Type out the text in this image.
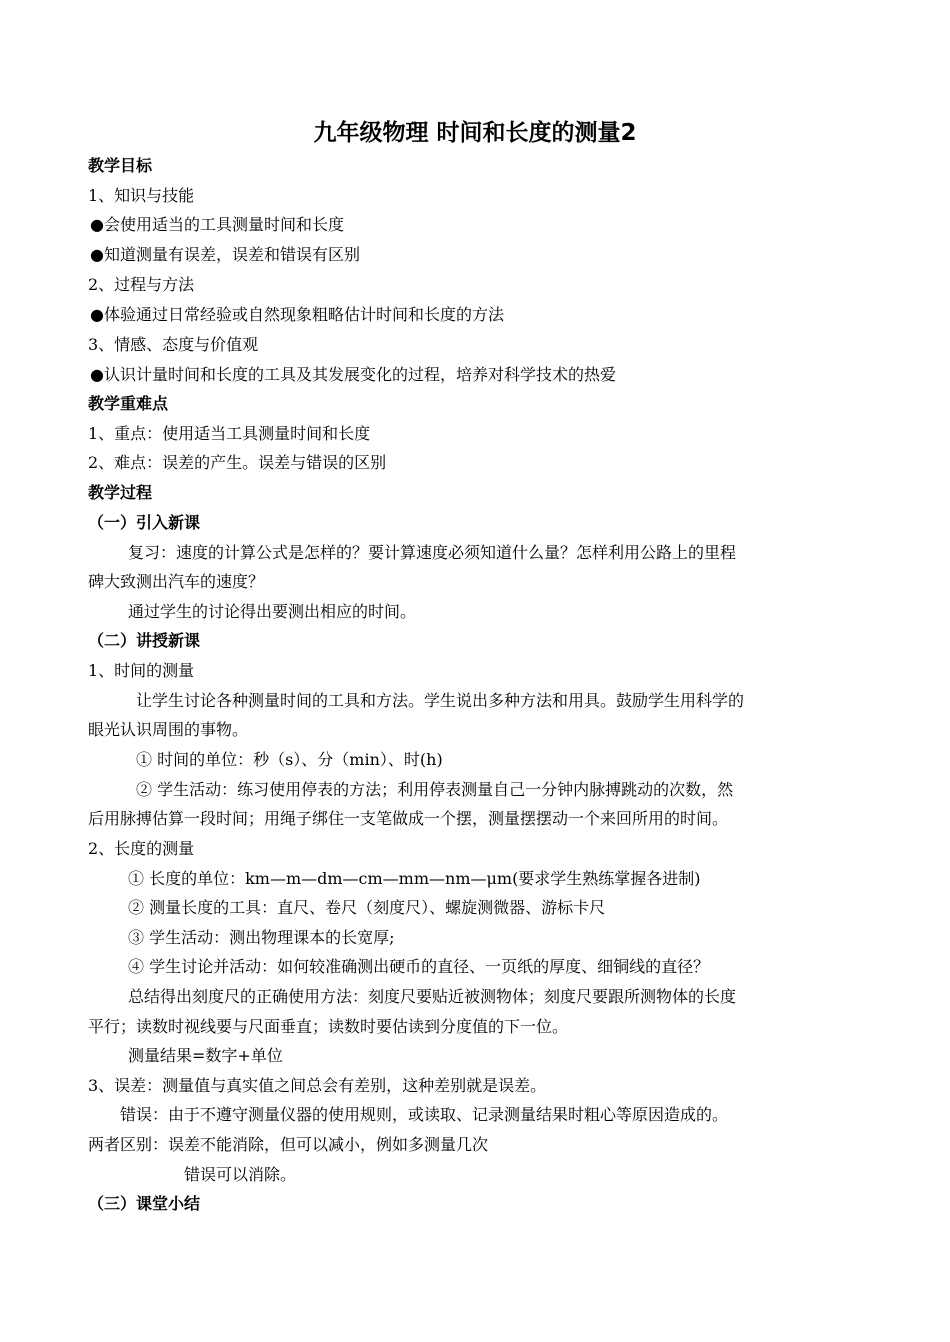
九年级物理 时间和长度的测量2
教学目标
1、知识与技能
●会使用适当的工具测量时间和长度
●知道测量有误差，误差和错误有区别
2、过程与方法
●体验通过日常经验或自然现象粗略估计时间和长度的方法
3、情感、态度与价值观
●认识计量时间和长度的工具及其发展变化的过程，培养对科学技术的热爱
教学重难点
1、重点：使用适当工具测量时间和长度
2、难点：误差的产生。误差与错误的区别
教学过程
（一）引入新课
复习：速度的计算公式是怎样的？要计算速度必须知道什么量？怎样利用公路上的里程
碑大致测出汽车的速度？
通过学生的讨论得出要测出相应的时间。
（二）讲授新课
1、时间的测量
让学生讨论各种测量时间的工具和方法。学生说出多种方法和用具。鼓励学生用科学的
眼光认识周围的事物。
① 时间的单位：秒（s）、分（min）、时(h)
② 学生活动：练习使用停表的方法；利用停表测量自己一分钟内脉搏跳动的次数，然
后用脉搏估算一段时间；用绳子绑住一支笔做成一个摆，测量摆摆动一个来回所用的时间。
2、长度的测量
① 长度的单位：km—m—dm—cm—mm—nm—μm(要求学生熟练掌握各进制)
② 测量长度的工具：直尺、卷尺（刻度尺）、螺旋测微器、游标卡尺
③ 学生活动：测出物理课本的长宽厚;
④ 学生讨论并活动：如何较准确测出硬币的直径、一页纸的厚度、细铜线的直径？
总结得出刻度尺的正确使用方法：刻度尺要贴近被测物体；刻度尺要跟所测物体的长度
平行；读数时视线要与尺面垂直；读数时要估读到分度值的下一位。
测量结果=数字+单位
3、误差：测量值与真实值之间总会有差别，这种差别就是误差。
错误：由于不遵守测量仪器的使用规则，或读取、记录测量结果时粗心等原因造成的。
两者区别：误差不能消除，但可以减小，例如多测量几次
错误可以消除。
（三）课堂小结
